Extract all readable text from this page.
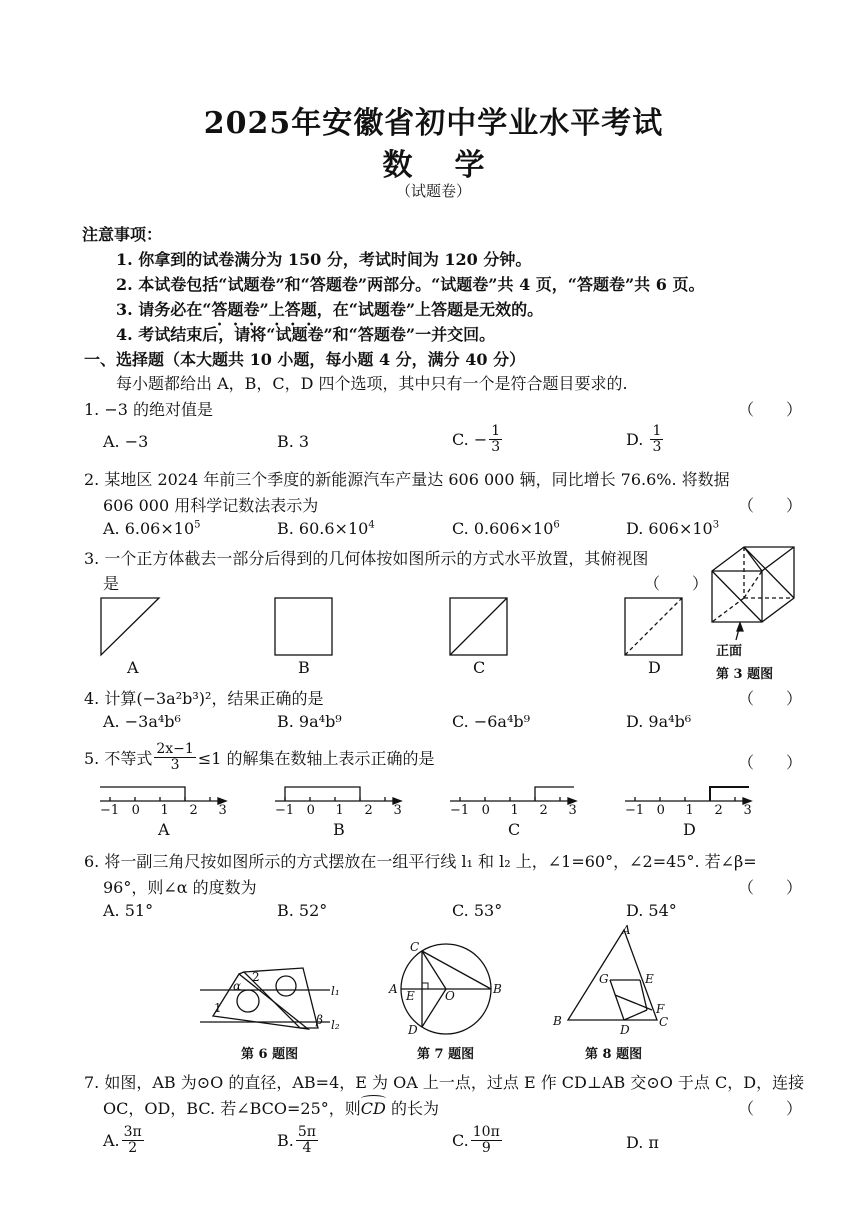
2025年安徽省初中学业水平考试
数学
（试题卷）
注意事项：
1. 你拿到的试卷满分为 150 分，考试时间为 120 分钟。
2. 本试卷包括“试题卷”和“答题卷”两部分。“试题卷”共 4 页，“答题卷”共 6 页。
3. 请务必在“答题卷”上答题，在“试题卷”上答题是无效的。
4. 考试结束后，请将“试题卷”和“答题卷”一并交回。
一、选择题（本大题共 10 小题，每小题 4 分，满分 40 分）
每小题都给出 A，B，C，D 四个选项，其中只有一个是符合题目要求的.
1. −3 的绝对值是	（　　）
A. −3	B. 3	C. − $\frac{1}{3}$	D. $\frac{1}{3}$
2. 某地区 2024 年前三个季度的新能源汽车产量达 606 000 辆，同比增长 76.6%. 将数据
606 000 用科学记数法表示为	（　　）
A. $6.06\times 10^5$	B. $60.6\times 10^4$	C. $0.606\times 10^6$	D. $606\times 10^3$
3. 一个正方体截去一部分后得到的几何体按如图所示的方式水平放置，其俯视图
是	（　　）
A	B	C	D
正面
第 3 题图
4. 计算(−3a²b³)²，结果正确的是	（　　）
A. −3a⁴b⁶	B. 9a⁴b⁹	C. −6a⁴b⁹	D. 9a⁴b⁶
5. 不等式 $\frac{2x-1}{3} \le 1$ 的解集在数轴上表示正确的是	（　　）
−1 0 1 2 3	−1 0 1 2 3	−1 0 1 2 3	−1 0 1 2 3
A	B	C	D
6. 将一副三角尺按如图所示的方式摆放在一组平行线 l₁ 和 l₂ 上，∠1=60°，∠2=45°. 若∠β=
96°，则∠α 的度数为	（　　）
A. 51°	B. 52°	C. 53°	D. 54°
α
2
1
β
l₁
l₂
C
A E	O	B
D
A
G	E
F
B
D
C
第 6 题图	第 7 题图	第 8 题图
7. 如图，AB 为⊙O 的直径，AB=4，E 为 OA 上一点，过点 E 作 CD⊥AB 交⊙O 于点 C，D，连接
OC，OD，BC. 若∠BCO=25°，则
CD 的长为	（　　）
A. $\frac{3\pi}{2}$	B. $\frac{5\pi}{4}$	C. $\frac{10\pi}{9}$	D. π
